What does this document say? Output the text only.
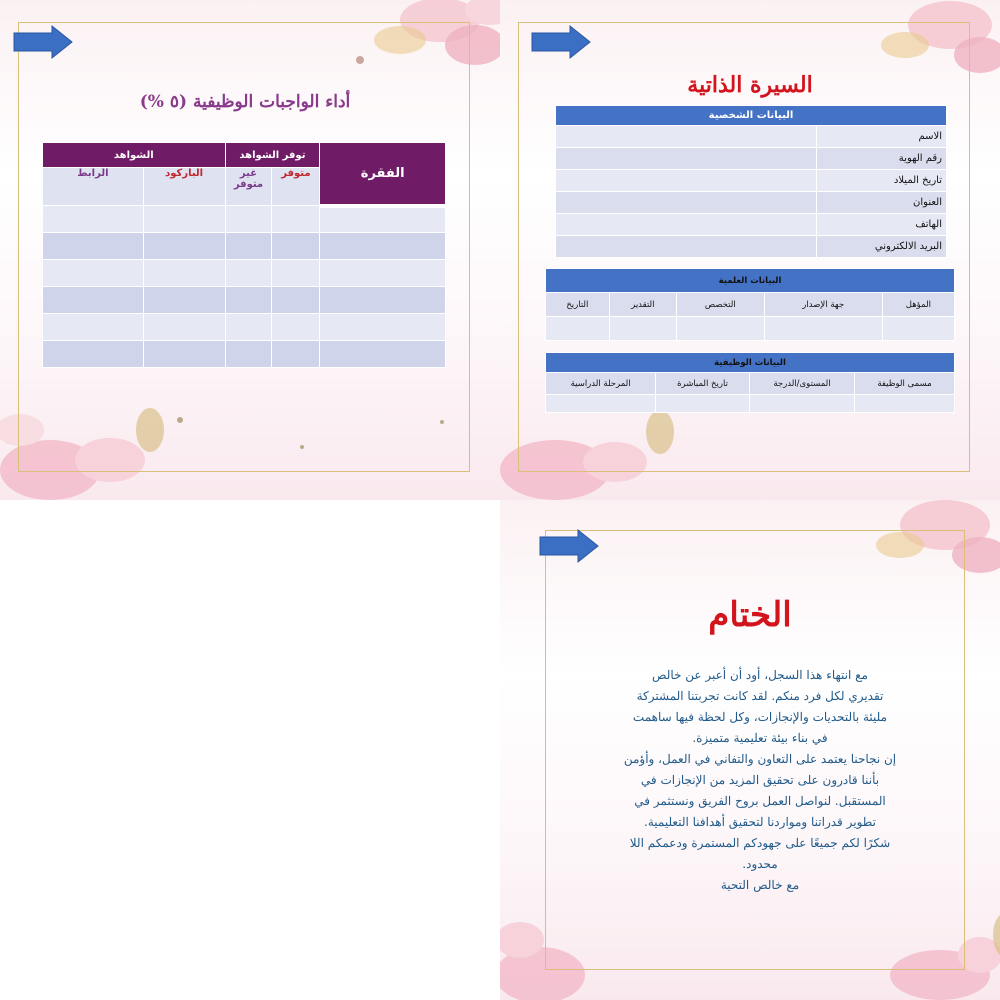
أداء الواجبات الوظيفية (٥ %)
الفقرة	توفر الشواهد		الشواهد	
	متوفر	غير متوفر	الباركود	الرابط

السيرة الذاتية
البيانات الشخصية	
الاسم	
رقم الهوية	
تاريخ الميلاد	
العنوان	
الهاتف	
البريد الالكتروني	
البيانات العلمية				
المؤهل	جهة الإصدار	التخصص	التقدير	التاريخ

البيانات الوظيفية			
مسمى الوظيفة	المستوى/الدرجة	تاريخ المباشرة	المرحلة الدراسية

الختام

مع انتهاء هذا السجل، أود أن أعبر عن خالص

تقديري لكل فرد منكم. لقد كانت تجربتنا المشتركة

مليئة بالتحديات والإنجازات، وكل لحظة فيها ساهمت

في بناء بيئة تعليمية متميزة.

إن نجاحنا يعتمد على التعاون والتفاني في العمل، وأؤمن

بأننا قادرون على تحقيق المزيد من الإنجازات في

المستقبل. لنواصل العمل بروح الفريق ونستثمر في

تطوير قدراتنا ومواردنا لتحقيق أهدافنا التعليمية.

شكرًا لكم جميعًا على جهودكم المستمرة ودعمكم اللا

محدود.

مع خالص التحية
